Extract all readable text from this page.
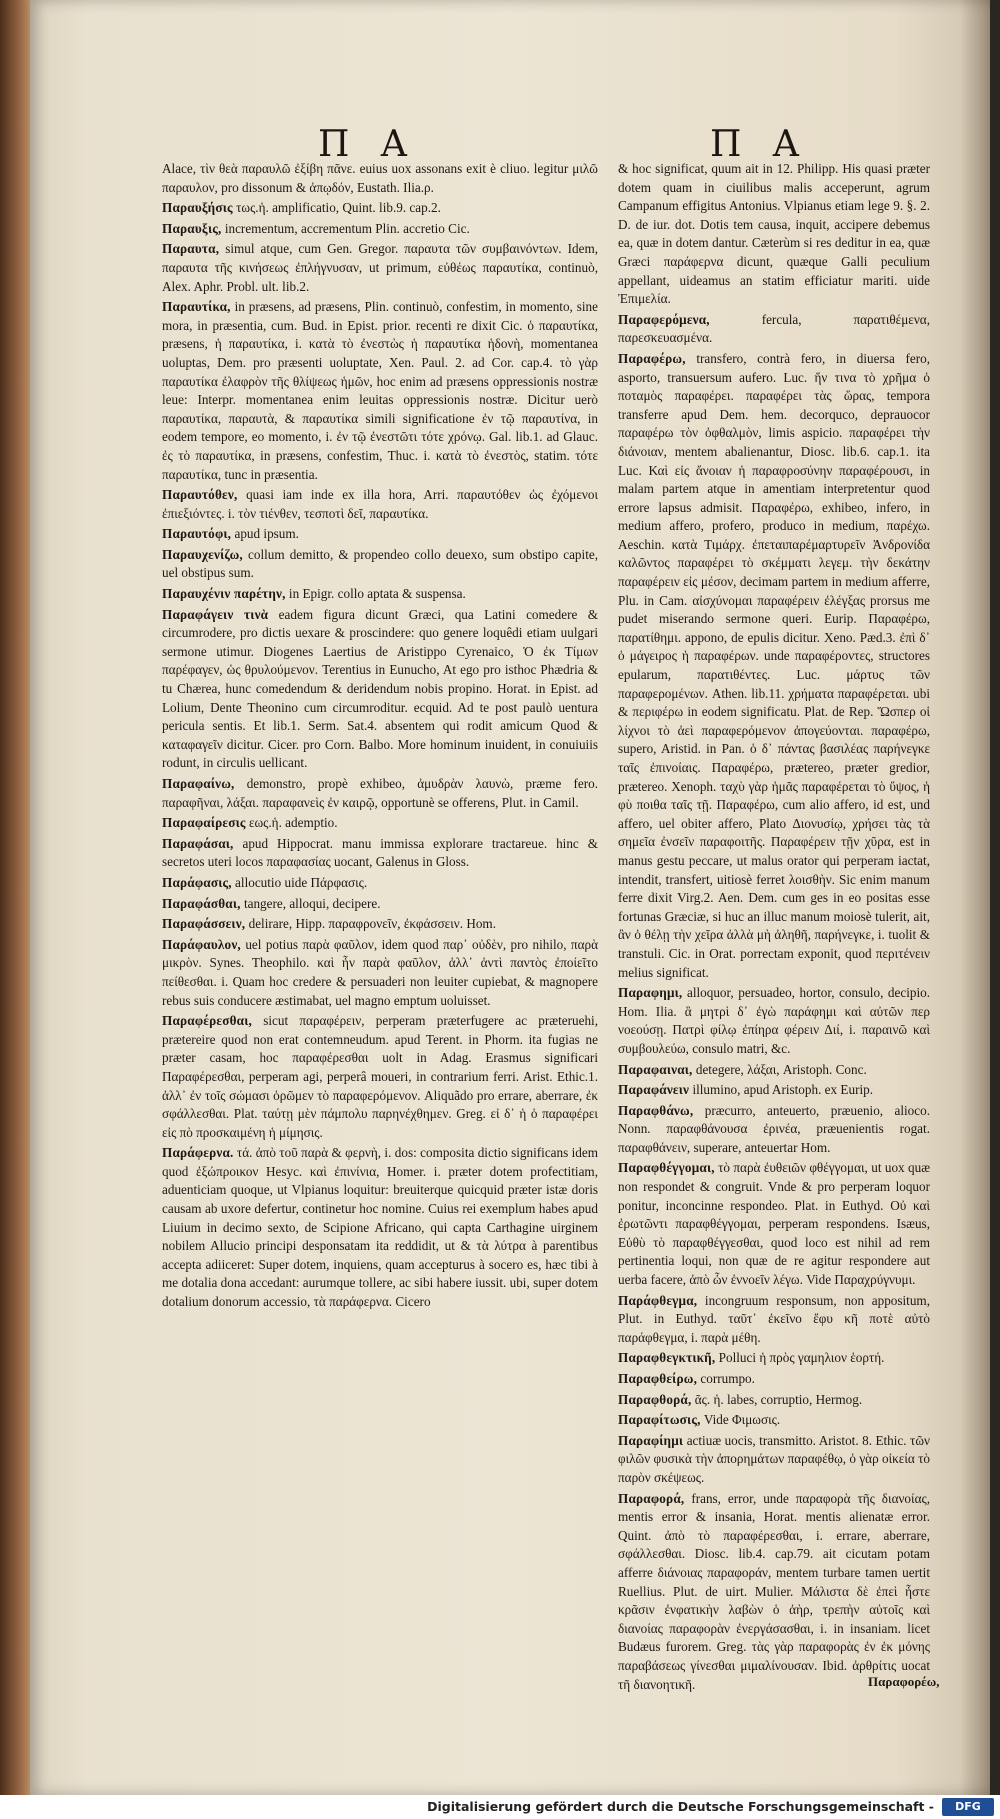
Π Α	Π Α

Alace, τὶν θεὰ παραυλῶ ἐξίβη πᾶνε. euius uox assonans exit è cliuo. legitur μιλῶ παραυλον, pro dissonum & ἀπῳδόν, Eustath. Ilia.ρ.

Παραυξήσις τως.ἡ. amplificatio, Quint. lib.9. cap.2.

Παραυξις, incrementum, accrementum Plin. accretio Cic.

Παραυτα, simul atque, cum Gen. Gregor. παραυτα τῶν συμβαινόντων. Idem, παραυτα τῆς κινήσεως ἐπλήγνυσαν, ut primum, εὐθέως παραυτίκα, continuò, Alex. Aphr. Probl. ult. lib.2.

Παραυτίκα, in præsens, ad præsens, Plin. continuò, confestim, in momento, sine mora, in præsentia, cum. Bud. in Epist. prior. recenti re dixit Cic. ὁ παραυτίκα, præsens, ἡ παραυτίκα, i. κατὰ τὸ ἐνεστὼς ἡ παραυτίκα ἡδονὴ, momentanea uoluptas, Dem. pro præsenti uoluptate, Xen. Paul. 2. ad Cor. cap.4. τὸ γὰρ παραυτίκα ἐλαφρὸν τῆς θλίψεως ἡμῶν, hoc enim ad præsens oppressionis nostræ leue: Interpr. momentanea enim leuitas oppressionis nostræ. Dicitur uerò παραυτίκα, παραυτὰ, & παραυτίκα simili significatione ἐν τῷ παραυτίνα, in eodem tempore, eo momento, i. ἐν τῷ ἐνεστῶτι τότε χρόνῳ. Gal. lib.1. ad Glauc. ἐς τὸ παραυτίκα, in præsens, confestim, Thuc. i. κατὰ τὸ ἐνεστὸς, statim. τότε παραυτίκα, tunc in præsentia.

Παραυτόθεν, quasi iam inde ex illa hora, Arri. παραυτόθεν ὡς ἐχόμενοι ἐπιεξιόντες. i. τὸν τιένθεν, τεσποτὶ δεῖ, παραυτίκα.

Παραυτόφι, apud ipsum.

Παραυχενίζω, collum demitto, & propendeo collo deuexo, sum obstipo capite, uel obstipus sum.

Παραυχένιν παρέτην, in Epigr. collo aptata & suspensa.

Παραφάγειν τινὰ eadem figura dicunt Græci, qua Latini comedere & circumrodere, pro dictis uexare & proscindere: quo genere loquêdi etiam uulgari sermone utimur. Diogenes Laertius de Aristippo Cyrenaico, Ὁ ἐκ Τίμων παρέφαγεν, ὡς θρυλούμενον. Terentius in Eunucho, At ego pro isthoc Phædria & tu Chærea, hunc comedendum & deridendum nobis propino. Horat. in Epist. ad Lolium, Dente Theonino cum circumroditur. ecquid. Ad te post paulò uentura pericula sentis. Et lib.1. Serm. Sat.4. absentem qui rodit amicum Quod & καταφαγεῖν dicitur. Cicer. pro Corn. Balbo. More hominum inuident, in conuiuiis rodunt, in circulis uellicant.

Παραφαίνω, demonstro, propè exhibeo, ἀμυδρὰν λαυνὼ, præme fero. παραφῆναι, λάξαι. παραφανεὶς ἐν καιρῷ, opportunè se offerens, Plut. in Camil.

Παραφαίρεσις εως.ἡ. ademptio.

Παραφάσαι, apud Hippocrat. manu immissa explorare tractareue. hinc & secretos uteri locos παραφασίας uocant, Galenus in Gloss.

Παράφασις, allocutio uide Πάρφασις.

Παραφάσθαι, tangere, alloqui, decipere.

Παραφάσσειν, delirare, Hipp. παραφρονεῖν, ἐκφάσσειν. Hom.

Παράφαυλον, uel potius παρὰ φαῦλον, idem quod παρ᾽ οὐδὲν, pro nihilo, παρὰ μικρὸν. Synes. Theophilo. καὶ ἦν παρὰ φαῦλον, ἀλλ᾽ ἀντὶ παντὸς ἐποίεῖτο πείθεσθαι. i. Quam hoc credere & persuaderi non leuiter cupiebat, & magnopere rebus suis conducere æstimabat, uel magno emptum uoluisset.

Παραφέρεσθαι, sicut παραφέρειν, perperam præterfugere ac præteruehi, prætereire quod non erat contemneudum. apud Terent. in Phorm. ita fugias ne præter casam, hoc παραφέρεσθαι uolt in Adag. Erasmus significari Παραφέρεσθαι, perperam agi, perperâ moueri, in contrarium ferri. Arist. Ethic.1. ἀλλ᾽ ἐν τοῖς σώμασι ὁρῶμεν τὸ παραφερόμενον. Aliquãdo pro errare, aberrare, ἐκ σφάλλεσθαι. Plat. ταύτῃ μὲν πάμπολυ παρηνέχθημεν. Greg. εἰ δ᾽ ἡ ὁ παραφέρει εἰς πὸ προσκαιμένη ἡ μίμησις.

Παράφερνα. τά. ἀπὸ τοῦ παρὰ & φερνὴ, i. dos: composita dictio significans idem quod ἐξώπροικον Hesyc. καὶ ἐπινίνια, Homer. i. præter dotem profectitiam, aduenticiam quoque, ut Vlpianus loquitur: breuiterque quicquid præter istæ doris causam ab uxore defertur, continetur hoc nomine. Cuius rei exemplum habes apud Liuium in decimo sexto, de Scipione Africano, qui capta Carthagine uirginem nobilem Allucio principi desponsatam ita reddidit, ut & τὰ λύτρα à parentibus accepta adiiceret: Super dotem, inquiens, quam accepturus à socero es, hæc tibi à me dotalia dona accedant: aurumque tollere, ac sibi habere iussit. ubi, super dotem dotalium donorum accessio, τὰ παράφερνα. Cicero

& hoc significat, quum ait in 12. Philipp. His quasi præter dotem quam in ciuilibus malis acceperunt, agrum Campanum effigitus Antonius. Vlpianus etiam lege 9. §. 2. D. de iur. dot. Dotis tem causa, inquit, accipere debemus ea, quæ in dotem dantur. Cæterùm si res deditur in ea, quæ Græci παράφερνα dicunt, quæque Galli peculium appellant, uideamus an statim efficiatur mariti. uide Ἐπιμελία.

Παραφερόμενα,	fercula, παρατιθέμενα, παρεσκευασμένα.

Παραφέρω, transfero, contrà fero, in diuersa fero, asporto, transuersum aufero. Luc. ἥν τινα τὸ χρῆμα ὁ ποταμὸς παραφέρει. παραφέρει τὰς ὥρας, tempora transferre apud Dem. hem. decorquco, deprauocor παραφέρω τὸν ὀφθαλμὸν, limis aspicio. παραφέρει τὴν διάνοιαν, mentem abalienantur, Diosc. lib.6. cap.1. ita Luc. Καὶ εἰς ἄνοιαν ἡ παραφροσύνην παραφέρουσι, in malam partem atque in amentiam interpretentur quod errore lapsus admisit. Παραφέρω, exhibeo, infero, in medium affero, profero, produco in medium, παρέχω. Aeschin. κατὰ Τιμάρχ. ἐπεταιπαρέμαρτυρεῖν Ἀνδρονίδα καλῶντος παραφέρει τὸ σκέμματι λεγεμ. τὴν δεκάτην παραφέρειν εἰς μέσον, decimam partem in medium afferre, Plu. in Cam. αἰσχύνομαι παραφέρειν ἐλέγξας prorsus me pudet miserando sermone queri. Eurip. Παραφέρω, παρατίθημι. appono, de epulis dicitur. Xeno. Pæd.3. ἐπὶ δ᾽ ὁ μάγειρος ἡ παραφέρων. unde παραφέροντες, structores epularum, παρατιθέντες. Luc. μάρτυς τῶν παραφερομένων. Athen. lib.11. χρήματα παραφέρεται. ubi & περιφέρω in eodem significatu. Plat. de Rep. Ὥσπερ οἱ λίχνοι τὸ ἀεὶ παραφερόμενον ἀπογεύονται. παραφέρω, supero, Aristid. in Pan. ὁ δ᾽ πάντας βασιλέας παρήνεγκε ταῖς ἐπινοίαις. Παραφέρω, prætereo, præter gredior, prætereo. Xenoph. ταχὺ γὰρ ἡμᾶς παραφέρεται τὸ ὕψος, ἡ φὺ ποιθα ταῖς τῇ. Παραφέρω, cum alio affero, id est, und affero, uel obiter affero, Plato Διονυσίῳ, χρήσει τὰς τὰ σημεῖα ἐνσεῖν παραφοιτῆς. Παραφέρειν τῇν χῦρα, est in manus gestu peccare, ut malus orator qui perperam iactat, intendit, transfert, uitiosè ferret λοισθὴν. Sic enim manum ferre dixit Virg.2. Aen. Dem. cum ges in eo positas esse fortunas Græciæ, si huc an illuc manum moiosè tulerit, ait, ἂν ὁ θέλῃ τὴν χεῖρα ἀλλὰ μὴ ἀληθῆ, παρήνεγκε, i. tuolit & transtuli. Cic. in Orat. porrectam exponit, quod περιτένειν melius significat.

Παραφημι, alloquor, persuadeo, hortor, consulo, decipio. Hom. Ilia. ἃ μητρὶ δ᾽ ἐγὼ παράφημι καὶ αὐτῶν περ νοεούσῃ. Πατρὶ φίλῳ ἐπίηρα φέρειν Διί, i. παραινῶ καὶ συμβουλεύω, consulo matri, &c.

Παραφαιναι, detegere, λάξαι, Aristoph. Conc.

Παραφάνειν illumino, apud Aristoph. ex Eurip.

Παραφθάνω, præcurro, anteuerto, præuenio, alioco. Nonn. παραφθάνουσα ἐρινέα, præuenientis rogat. παραφθάνειν, superare, anteuertar Hom.

Παραφθέγγομαι, τὸ παρὰ ἐυθειῶν φθέγγομαι, ut uox quæ non respondet & congruit. Vnde & pro perperam loquor ponitur, inconcinne respondeo. Plat. in Euthyd. Οὐ καὶ ἐρωτῶντι παραφθέγγομαι, perperam respondens. Isæus, Εὐθὺ τὸ παραφθέγγεσθαι, quod loco est nihil ad rem pertinentia loqui, non quæ de re agitur respondere aut uerba facere, ἀπὸ ὧν ἐννοεῖν λέγω. Vide Παραχρύγνυμι.

Παράφθεγμα, incongruum responsum, non appositum, Plut. in Euthyd. ταῦτ᾽ ἐκεῖνο ἔφυ κῆ ποτὲ αὐτὸ παράφθεγμα, i. παρὰ μέθη.

Παραφθεγκτικῆ, Polluci ἡ πρὸς γαμηλιον ἑορτή.

Παραφθείρω, corrumpo.

Παραφθορά, ᾶς. ἡ. labes, corruptio, Hermog.

Παραφίτωσις, Vide Φιμωσις.

Παραφίημι actiuæ uocis, transmitto. Aristot. 8. Ethic. τῶν φιλῶν φυσικὰ τὴν ἀπορημάτων παραφέθῳ, ὁ γὰρ οἰκεία τὸ παρὸν σκέψεως.

Παραφορά, frans, error, unde παραφορὰ τῆς διανοίας, mentis error & insania, Horat. mentis alienatæ error. Quint. ἀπὸ τὸ παραφέρεσθαι, i. errare, aberrare, σφάλλεσθαι. Diosc. lib.4. cap.79. ait cicutam potam afferre διάνοιας παραφοράν, mentem turbare tamen uertit Ruellius. Plut. de uirt. Mulier. Μάλιστα δὲ ἐπεὶ ἦστε κρᾶσιν ἐνφατικὴν λαβὼν ὁ ἀὴρ, τρεπὴν αὐτοῖς καὶ διανοίας παραφορὰν ἐνεργάσασθαι, i. in insaniam. licet Budæus furorem. Greg. τὰς γὰρ παραφορὰς ἐν ἐκ μόνης παραβάσεως γίνεσθαι μιμαλίνουσαν. Ibid. ἀρθρίτις uocat τῆ διανοητικῆ.	Παραφορέω,
Digitalisierung gefördert durch die Deutsche Forschungsgemeinschaft -	DFG
